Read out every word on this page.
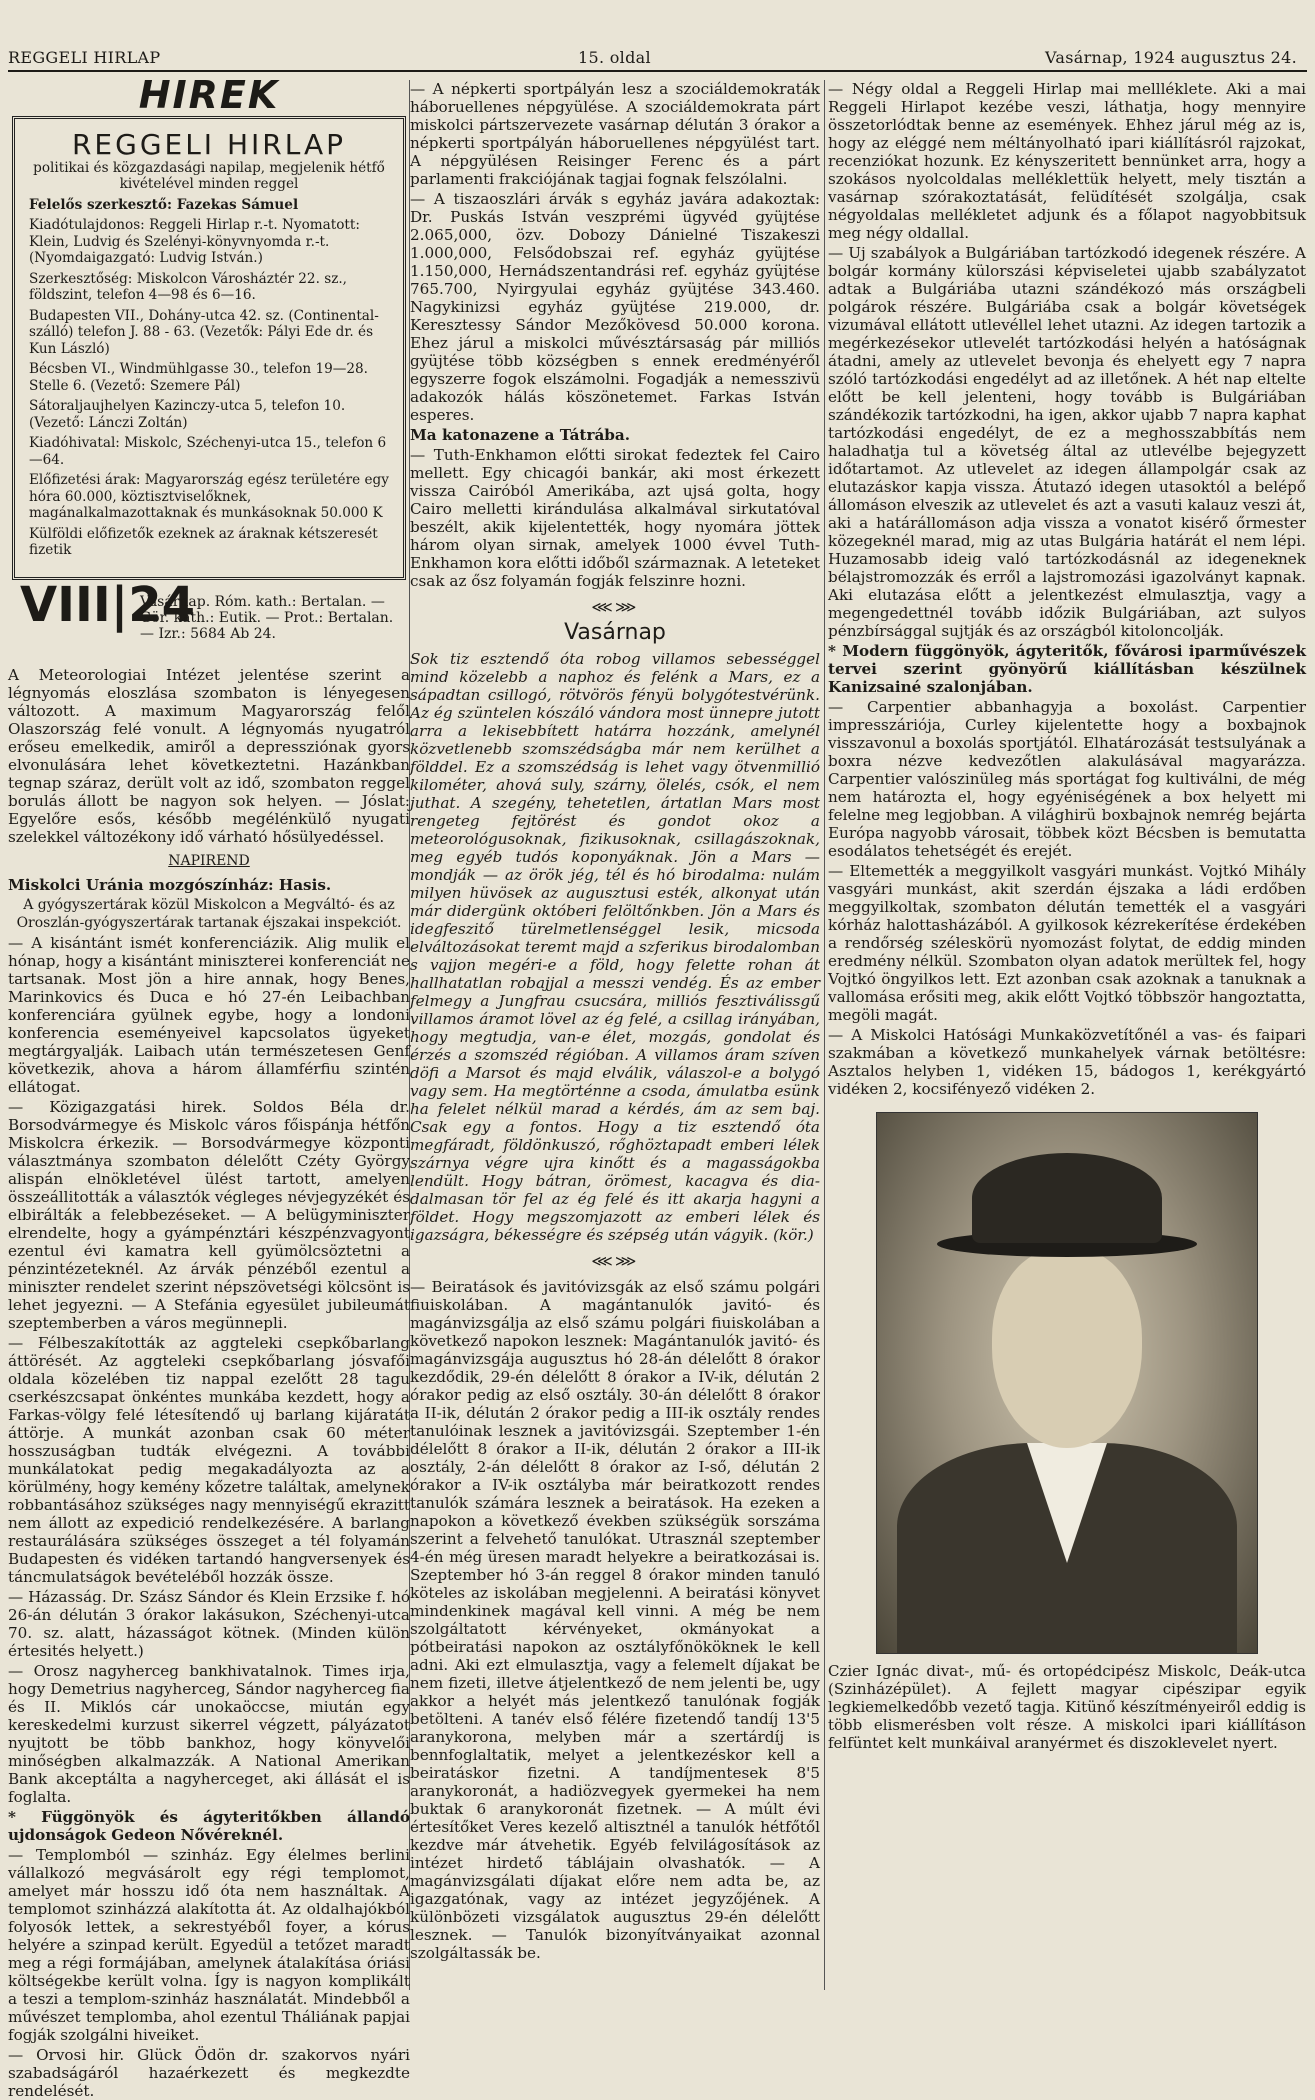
REGGELI HIRLAP	15. oldal	Vasárnap, 1924 augusztus 24.
HIREK
REGGELI HIRLAP
politikai és közgazdasági napilap, megjelenik hétfő kivételével minden reggel

Felelős szerkesztő: Fazekas Sámuel

Kiadótulajdonos: Reggeli Hirlap r.-t. Nyomatott: Klein, Ludvig és Szelényi-könyvnyomda r.-t. (Nyomdaigazgató: Ludvig István.)

Szerkesztőség: Miskolcon Városháztér 22. sz., földszint, telefon 4—98 és 6—16.

Budapesten VII., Dohány-utca 42. sz. (Continental-szálló) telefon J. 88 - 63. (Vezetők: Pályi Ede dr. és Kun László)

Bécsben VI., Windmühlgasse 30., telefon 19—28. Stelle 6. (Vezető: Szemere Pál)

Sátoraljaujhelyen Kazinczy-utca 5, telefon 10. (Vezető: Lánczi Zoltán)

Kiadóhivatal: Miskolc, Széchenyi-utca 15., telefon 6—64.

Előfizetési árak: Magyarország egész területére egy hóra 60.000, köztisztviselőknek, magánalkalmazottaknak és munkásoknak 50.000 K

Külföldi előfizetők ezeknek az áraknak kétszeresét fizetik

VIII|24
Vasárnap. Róm. kath.: Bertalan. —
Gör. kath.: Eutik. — Prot.: Bertalan.
— Izr.: 5684 Ab 24.

A Meteorologiai Intézet jelentése szerint a légnyomás eloszlása szombaton is lényegesen változott. A maximum Magyarország felől Olaszország felé vonult. A légnyomás nyugatról erőseu emelkedik, amiről a depressziónak gyors elvonulására lehet következtetni. Hazánkban tegnap száraz, derült volt az idő, szombaton reggel borulás állott be nagyon sok helyen. — Jóslat: Egyelőre esős, később megélénkülő nyugati szelekkel változékony idő várható hősülyedéssel.

NAPIREND

Miskolci Uránia mozgószínház: Hasis.

A gyógyszertárak közül Miskolcon a Megváltó- és az Oroszlán-gyógyszertárak tartanak éjszakai inspekciót.

— A kisántánt ismét konferenciázik. Alig mulik el hónap, hogy a kisántánt miniszterei konferenciát ne tartsanak. Most jön a hire annak, hogy Benes, Marinkovics és Duca e hó 27-én Leibachban konferenciára gyülnek egybe, hogy a londoni konferencia eseményeivel kapcsolatos ügyeket megtárgyalják. Laibach után természetesen Genf következik, ahova a három államférfiu szintén ellátogat.

— Közigazgatási hirek. Soldos Béla dr. Borsodvármegye és Miskolc város főispánja hétfőn Miskolcra érkezik. — Borsodvármegye központi választmánya szombaton délelőtt Czéty György alispán elnökletével ülést tartott, amelyen összeállitották a választók végleges névjegyzékét és elbirálták a felebbezéseket. — A belügyminiszter elrendelte, hogy a gyámpénztári készpénzvagyont ezentul évi kamatra kell gyümölcsöztetni a pénzintézeteknél. Az árvák pénzéből ezentul a miniszter rendelet szerint népszövetségi kölcsönt is lehet jegyezni. — A Stefánia egyesület jubileumát szeptemberben a város megünnepli.

— Félbeszakították az aggteleki csepkőbarlang áttörését. Az aggteleki csepkőbarlang jósvafői oldala közelében tiz nappal ezelőtt 28 tagu cserkészcsapat önkéntes munkába kezdett, hogy a Farkas-völgy felé létesítendő uj barlang kijáratát áttörje. A munkát azonban csak 60 méter hosszuságban tudták elvégezni. A további munkálatokat pedig megakadályozta az a körülmény, hogy kemény kőzetre találtak, amelynek robbantásához szükséges nagy mennyiségű ekrazitt nem állott az expedició rendelkezésére. A barlang restaurálására szükséges összeget a tél folyamán Budapesten és vidéken tartandó hangversenyek és táncmulatságok bevételéből hozzák össze.

— Házasság. Dr. Szász Sándor és Klein Erzsike f. hó 26-án délután 3 órakor lakásukon, Széchenyi-utca 70. sz. alatt, házasságot kötnek. (Minden külön értesités helyett.)

— Orosz nagyherceg bankhivatalnok. Times irja, hogy Demetrius nagyherceg, Sándor nagyherceg fia és II. Miklós cár unokaöccse, miután egy kereskedelmi kurzust sikerrel végzett, pályázatot nyujtott be több bankhoz, hogy könyvelői minőségben alkalmazzák. A National Amerikan Bank akceptálta a nagyherceget, aki állását el is foglalta.

* Függönyök és ágyteritőkben állandó ujdonságok Gedeon Nővéreknél.

— Templomból — szinház. Egy élelmes berlini vállalkozó megvásárolt egy régi templomot, amelyet már hosszu idő óta nem használtak. A templomot szinházzá alakította át. Az oldalhajókból folyosók lettek, a sekrestyéből foyer, a kórus helyére a szinpad került. Egyedül a tetőzet maradt meg a régi formájában, amelynek átalakítása óriási költségekbe került volna. Így is nagyon komplikált a teszi a templom-szinház használatát. Mindebből a művészet templomba, ahol ezentul Tháliának papjai fogják szolgálni hiveiket.

— Orvosi hir. Glück Ödön dr. szakorvos nyári szabadságáról hazaérkezett és megkezdte rendelését.

— A népkerti sportpályán lesz a szociáldemokraták háboruellenes népgyülése. A szociáldemokrata párt miskolci pártszervezete vasárnap délután 3 órakor a népkerti sportpályán háboruellenes népgyülést tart. A népgyülésen Reisinger Ferenc és a párt parlamenti frakciójának tagjai fognak felszólalni.

— A tiszaoszlári árvák s egyház javára adakoztak: Dr. Puskás István veszprémi ügyvéd gyüjtése 2.065,000, özv. Dobozy Dánielné Tiszakeszi 1.000,000, Felsődobszai ref. egyház gyüjtése 1.150,000, Hernádszentandrási ref. egyház gyüjtése 765.700, Nyirgyulai egyház gyüjtése 343.460. Nagykinizsi egyház gyüjtése 219.000, dr. Keresztessy Sándor Mezőkövesd 50.000 korona. Ehez járul a miskolci művésztársaság pár milliós gyüjtése több községben s ennek eredményéről egyszerre fogok elszámolni. Fogadják a nemesszivü adakozók hálás köszönetemet. Farkas István esperes.

Ma katonazene a Tátrába.

— Tuth-Enkhamon előtti sirokat fedeztek fel Cairo mellett. Egy chicagói bankár, aki most érkezett vissza Cairóból Amerikába, azt ujsá golta, hogy Cairo melletti kirándulása alkalmával sirkutatóval beszélt, akik kijelentették, hogy nyomára jöttek három olyan sirnak, amelyek 1000 évvel Tuth-Enkhamon kora előtti időből származnak. A leteteket csak az ősz folyamán fogják felszinre hozni.

⋘⋙
Vasárnap

Sok tiz esztendő óta robog villamos sebességgel mind közelebb a naphoz és felénk a Mars, ez a sápadtan csillogó, rötvörös fényü bolygótestvérünk. Az ég szüntelen kószáló vándora most ünnepre jutott arra a lekisebbített határra hozzánk, amelynél közvetlenebb szomszédságba már nem kerülhet a földdel. Ez a szomszédság is lehet vagy ötvenmillió kilométer, ahová suly, szárny, ölelés, csók, el nem juthat. A szegény, tehetetlen, ártatlan Mars most rengeteg fejtörést és gondot okoz a meteorológusoknak, fizikusoknak, csillagászoknak, meg egyéb tudós koponyáknak. Jön a Mars — mondják — az örök jég, tél és hó birodalma: nulám milyen hüvösek az augusztusi esték, alkonyat után már didergünk októberi felöltőnkben. Jön a Mars és idegfeszitő türelmetlenséggel lesik, micsoda elváltozásokat teremt majd a szferikus birodalomban s vajjon megéri-e a föld, hogy felette rohan át hallhatatlan robajjal a messzi vendég. És az ember felmegy a Jungfrau csucsára, milliós fesztiválissgű villamos áramot lövel az ég felé, a csillag irányában, hogy megtudja, van-e élet, mozgás, gondolat és érzés a szomszéd régióban. A villamos áram szíven döfi a Marsot és majd elválik, válaszol-e a bolygó vagy sem. Ha megtörténne a csoda, ámulatba esünk ha felelet nélkül marad a kérdés, ám az sem baj. Csak egy a fontos. Hogy a tiz esztendő óta megfáradt, földönkuszó, rőghöztapadt emberi lélek szárnya végre ujra kinőtt és a magasságokba lendült. Hogy bátran, örömest, kacagva és dia-dalmasan tör fel az ég felé és itt akarja hagyni a földet. Hogy megszomjazott az emberi lélek és igazságra, békességre és szépség után vágyik. (kör.)

⋘⋙

— Beiratások és javitóvizsgák az első számu polgári fiuiskolában. A magántanulók javitó- és magánvizsgálja az első számu polgári fiuiskolában a következő napokon lesznek: Magántanulók javitó- és magánvizsgája augusztus hó 28-án délelőtt 8 órakor kezdődik, 29-én délelőtt 8 órakor a IV-ik, délután 2 órakor pedig az első osztály. 30-án délelőtt 8 órakor a II-ik, délután 2 órakor pedig a III-ik osztály rendes tanulóinak lesznek a javitóvizsgái. Szeptember 1-én délelőtt 8 órakor a II-ik, délután 2 órakor a III-ik osztály, 2-án délelőtt 8 órakor az I-ső, délután 2 órakor a IV-ik osztályba már beiratkozott rendes tanulók számára lesznek a beiratások. Ha ezeken a napokon a következő években szükségük sorszáma szerint a felvehető tanulókat. Utrasznál szeptember 4-én még üresen maradt helyekre a beiratkozásai is. Szeptember hó 3-án reggel 8 órakor minden tanuló köteles az iskolában megjelenni. A beiratási könyvet mindenkinek magával kell vinni. A még be nem szolgáltatott kérvényeket, okmányokat a pótbeiratási napokon az osztályfőnököknek le kell adni. Aki ezt elmulasztja, vagy a felemelt díjakat be nem fizeti, illetve átjelentkező de nem jelenti be, ugy akkor a helyét más jelentkező tanulónak fogják betölteni. A tanév első félére fizetendő tandíj 13'5 aranykorona, melyben már a szertárdíj is bennfoglaltatik, melyet a jelentkezéskor kell a beiratáskor fizetni. A tandíjmentesek 8'5 aranykoronát, a hadiözvegyek gyermekei ha nem buktak 6 aranykoronát fizetnek. — A múlt évi értesítőket Veres kezelő altisztnél a tanulók hétfőtől kezdve már átvehetik. Egyéb felvilágosítások az intézet hirdető táblájain olvashatók. — A magánvizsgálati díjakat előre nem adta be, az igazgatónak, vagy az intézet jegyzőjének. A különbözeti vizsgálatok augusztus 29-én délelőtt lesznek. — Tanulók bizonyítványaikat azonnal szolgáltassák be.

— Négy oldal a Reggeli Hirlap mai mellléklete. Aki a mai Reggeli Hirlapot kezébe veszi, láthatja, hogy mennyire összetorlódtak benne az események. Ehhez járul még az is, hogy az eléggé nem méltányolható ipari kiállításról rajzokat, recenziókat hozunk. Ez kényszeritett bennünket arra, hogy a szokásos nyolcoldalas melléklettük helyett, mely tisztán a vasárnap szórakoztatását, felüdítését szolgálja, csak négyoldalas mellékletet adjunk és a főlapot nagyobbitsuk meg négy oldallal.

— Uj szabályok a Bulgáriában tartózkodó idegenek részére. A bolgár kormány külorszási képviseletei ujabb szabályzatot adtak a Bulgáriába utazni szándékozó más országbeli polgárok részére. Bulgáriába csak a bolgár követségek vizumával ellátott utlevéllel lehet utazni. Az idegen tartozik a megérkezésekor utlevelét tartózkodási helyén a hatóságnak átadni, amely az utlevelet bevonja és ehelyett egy 7 napra szóló tartózkodási engedélyt ad az illetőnek. A hét nap eltelte előtt be kell jelenteni, hogy tovább is Bulgáriában szándékozik tartózkodni, ha igen, akkor ujabb 7 napra kaphat tartózkodási engedélyt, de ez a meghosszabbítás nem haladhatja tul a követség által az utlevélbe bejegyzett időtartamot. Az utlevelet az idegen állampolgár csak az elutazáskor kapja vissza. Átutazó idegen utasoktól a belépő állomáson elveszik az utlevelet és azt a vasuti kalauz veszi át, aki a határállomáson adja vissza a vonatot kisérő őrmester közegeknél marad, mig az utas Bulgária határát el nem lépi. Huzamosabb ideig való tartózkodásnál az idegeneknek bélajstromozzák és erről a lajstromozási igazolványt kapnak. Aki elutazása előtt a jelentkezést elmulasztja, vagy a megengedettnél tovább időzik Bulgáriában, azt sulyos pénzbírsággal sujtják és az országból kitoloncolják.

* Modern függönyök, ágyteritők, fővárosi iparművészek tervei szerint gyönyörű kiállításban készülnek Kanizsainé szalonjában.

— Carpentier abbanhagyja a boxolást. Carpentier impresszáriója, Curley kijelentette hogy a boxbajnok visszavonul a boxolás sportjától. Elhatározását testsulyának a boxra nézve kedvezőtlen alakulásával magyarázza. Carpentier valószinüleg más sportágat fog kultiválni, de még nem határozta el, hogy egyéniségének a box helyett mi felelne meg legjobban. A világhirü boxbajnok nemrég bejárta Európa nagyobb városait, többek közt Bécsben is bemutatta esodálatos tehetségét és erejét.

— Eltemették a meggyilkolt vasgyári munkást. Vojtkó Mihály vasgyári munkást, akit szerdán éjszaka a ládi erdőben meggyilkoltak, szombaton délután temették el a vasgyári kórház halottasházából. A gyilkosok kézrekerítése érdekében a rendőrség széleskörü nyomozást folytat, de eddig minden eredmény nélkül. Szombaton olyan adatok merültek fel, hogy Vojtkó öngyilkos lett. Ezt azonban csak azoknak a tanuknak a vallomása erősiti meg, akik előtt Vojtkó többször hangoztatta, megöli magát.

— A Miskolci Hatósági Munkaközvetítőnél a vas- és faipari szakmában a következő munkahelyek várnak betöltésre: Asztalos helyben 1, vidéken 15, bádogos 1, kerékgyártó vidéken 2, kocsifényező vidéken 2.

Czier Ignác divat-, mű- és ortopédcipész Miskolc, Deák-utca (Szinházépület). A fejlett magyar cipészipar egyik legkiemelkedőbb vezető tagja. Kitünő készítményeiről eddig is több elismerésben volt része. A miskolci ipari kiállításon felfüntet kelt munkáival aranyérmet és diszoklevelet nyert.
